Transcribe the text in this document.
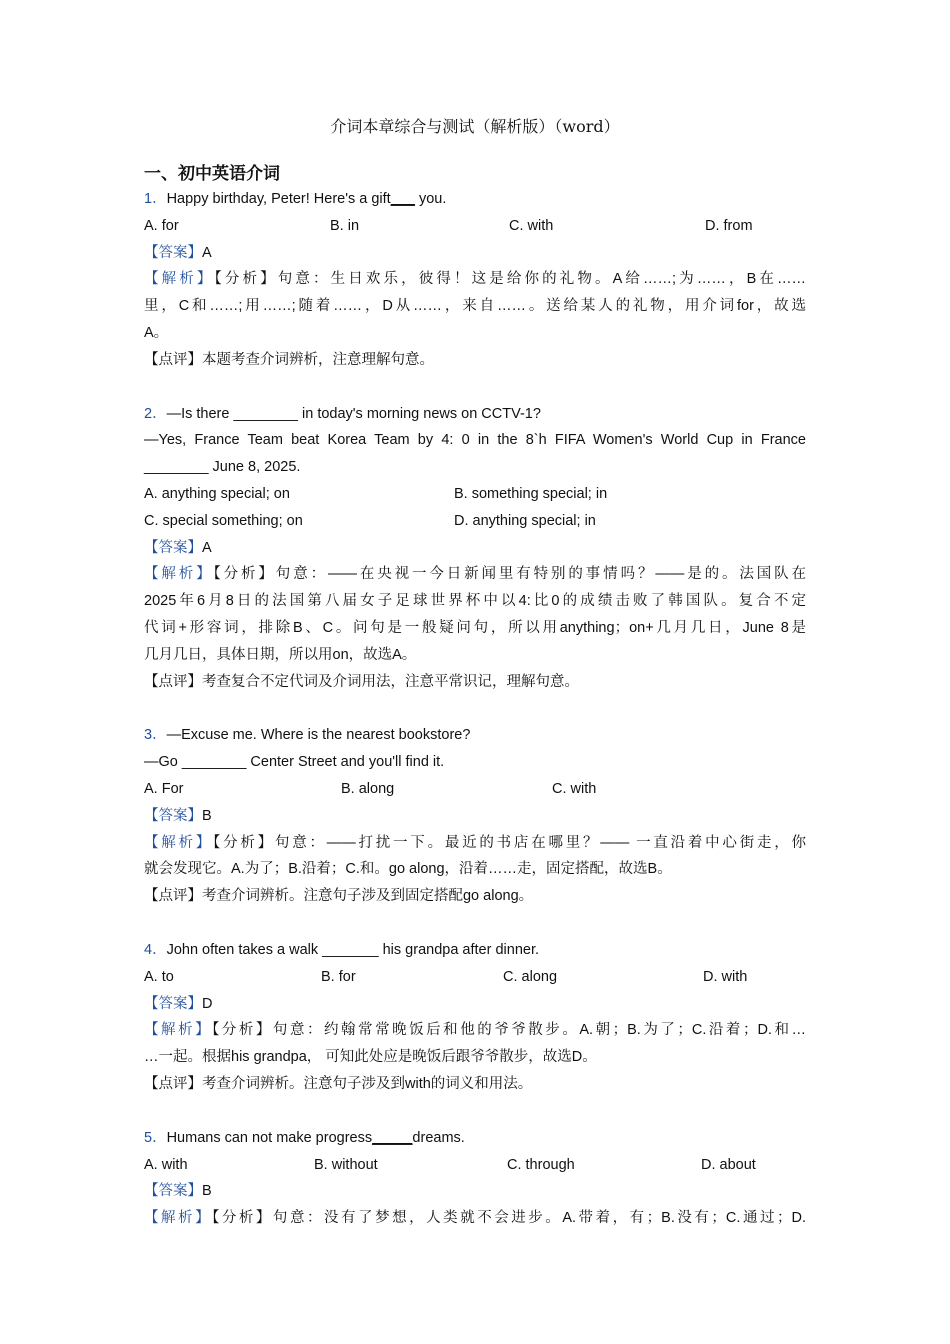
介词本章综合与测试（解析版）（word）
一、初中英语介词
1．Happy birthday, Peter! Here's a gift___ you.
A. for	B. in	C. with	D. from
【答案】A
【解析】【分析】句意：生日欢乐，彼得！这是给你的礼物。A给……;为……，B在……
里，C和……;用……;随着……，D从……，来自……。送给某人的礼物，用介词for，故选
A。
【点评】本题考查介词辨析，注意理解句意。
2．—Is there ________ in today's morning news on CCTV-1?
—Yes, France Team beat Korea Team by 4: 0 in the 8`h FIFA Women's World Cup in France
________ June 8, 2025.
A. anything special; on	B. something special; in
C. special something; on	D. anything special; in
【答案】A
【解析】【分析】句意：——在央视一今日新闻里有特别的事情吗？——是的。法国队在
2025年6月8日的法国第八届女子足球世界杯中以4:比0的成绩击败了韩国队。复合不定
代词+形容词，排除B、C。问句是一般疑问句，所以用anything；on+几月几日，June 8是
几月几日，具体日期，所以用on，故选A。
【点评】考查复合不定代词及介词用法，注意平常识记，理解句意。
3．—Excuse me. Where is the nearest bookstore?
—Go ________ Center Street and you'll find it.
A. For	B. along	C. with
【答案】B
【解析】【分析】句意：——打扰一下。最近的书店在哪里？—— 一直沿着中心街走，你
就会发现它。A.为了；B.沿着；C.和。go along，沿着……走，固定搭配，故选B。
【点评】考查介词辨析。注意句子涉及到固定搭配go along。
4．John often takes a walk _______ his grandpa after dinner.
A. to	B. for	C. along	D. with
【答案】D
【解析】【分析】句意：约翰常常晚饭后和他的爷爷散步。A.朝；B.为了；C.沿着；D.和…
…一起。根据his grandpa， 可知此处应是晚饭后跟爷爷散步，故选D。
【点评】考查介词辨析。注意句子涉及到with的词义和用法。
5．Humans can not make progress_____dreams.
A. with	B. without	C. through	D. about
【答案】B
【解析】【分析】句意：没有了梦想，人类就不会进步。A.带着，有；B.没有；C.通过；D.
